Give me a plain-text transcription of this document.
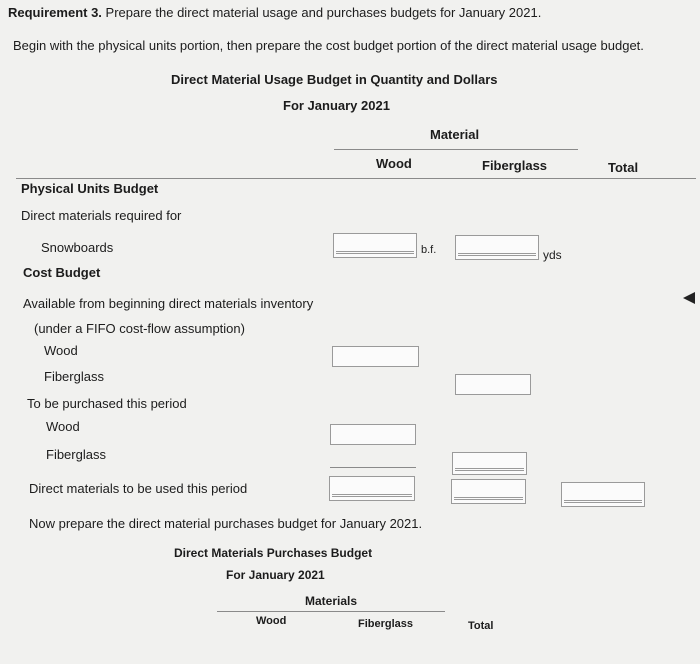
Requirement 3. Prepare the direct material usage and purchases budgets for January 2021.
Begin with the physical units portion, then prepare the cost budget portion of the direct material usage budget.
Direct Material Usage Budget in Quantity and Dollars
For January 2021
Material
Wood	Fiberglass	Total
Physical Units Budget
Direct materials required for
Snowboards	b.f.	yds
Cost Budget
Available from beginning direct materials inventory
(under a FIFO cost-flow assumption)
Wood
Fiberglass
To be purchased this period
Wood
Fiberglass
Direct materials to be used this period
Now prepare the direct material purchases budget for January 2021.
Direct Materials Purchases Budget
For January 2021
Materials
Wood	Fiberglass	Total
